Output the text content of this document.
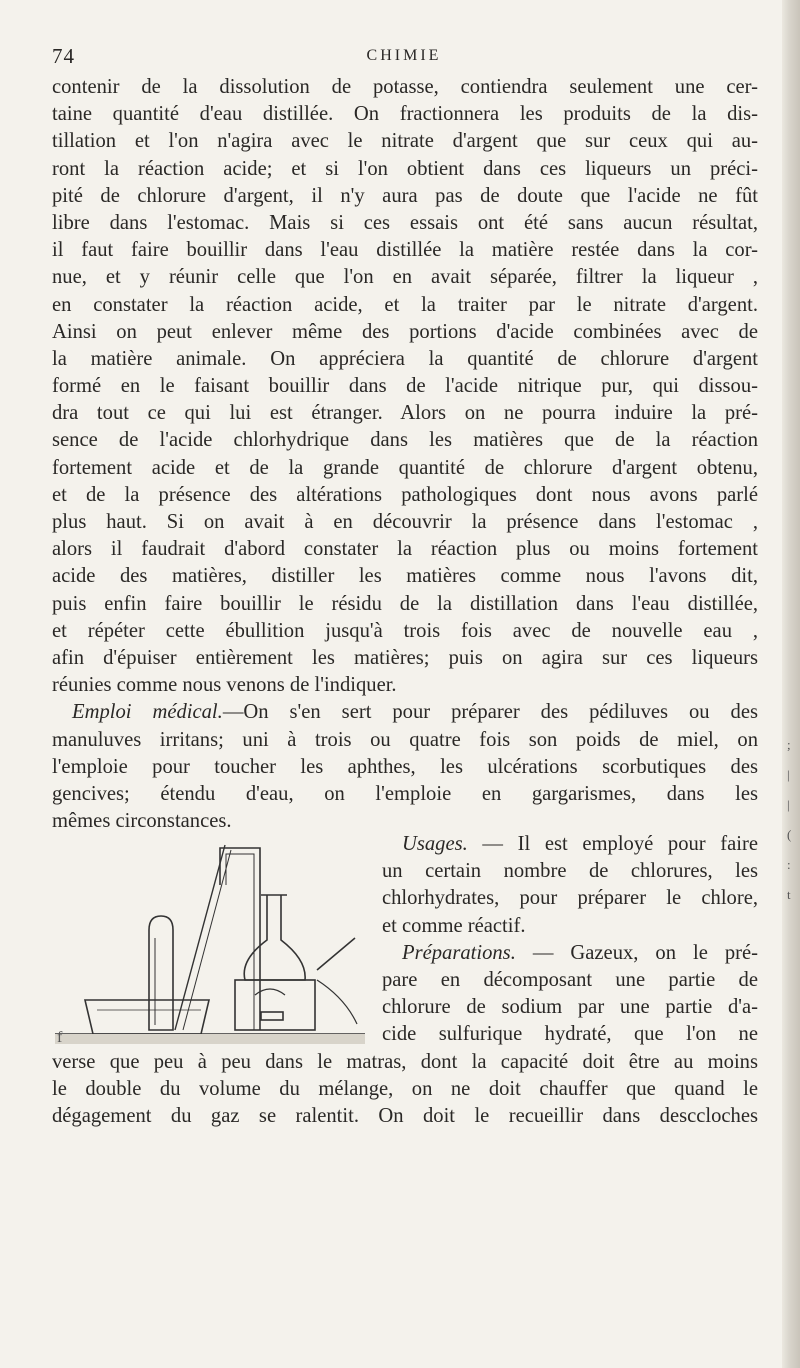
;
|
|
(
:
t
74	CHIMIE
contenir de la dissolution de potasse, contiendra seulement une cer-
taine quantité d'eau distillée. On fractionnera les produits de la dis-
tillation et l'on n'agira avec le nitrate d'argent que sur ceux qui au-
ront la réaction acide; et si l'on obtient dans ces liqueurs un préci-
pité de chlorure d'argent, il n'y aura pas de doute que l'acide ne fût
libre dans l'estomac. Mais si ces essais ont été sans aucun résultat,
il faut faire bouillir dans l'eau distillée la matière restée dans la cor-
nue, et y réunir celle que l'on en avait séparée, filtrer la liqueur ,
en constater la réaction acide, et la traiter par le nitrate d'argent.
Ainsi on peut enlever même des portions d'acide combinées avec de
la matière animale. On appréciera la quantité de chlorure d'argent
formé en le faisant bouillir dans de l'acide nitrique pur, qui dissou-
dra tout ce qui lui est étranger. Alors on ne pourra induire la pré-
sence de l'acide chlorhydrique dans les matières que de la réaction
fortement acide et de la grande quantité de chlorure d'argent obtenu,
et de la présence des altérations pathologiques dont nous avons parlé
plus haut. Si on avait à en découvrir la présence dans l'estomac ,
alors il faudrait d'abord constater la réaction plus ou moins fortement
acide des matières, distiller les matières comme nous l'avons dit,
puis enfin faire bouillir le résidu de la distillation dans l'eau distillée,
et répéter cette ébullition jusqu'à trois fois avec de nouvelle eau ,
afin d'épuiser entièrement les matières; puis on agira sur ces liqueurs
réunies comme nous venons de l'indiquer.
Emploi médical.—On s'en sert pour préparer des pédiluves ou des
manuluves irritans; uni à trois ou quatre fois son poids de miel, on
l'emploie pour toucher les aphthes, les ulcérations scorbutiques des
gencives; étendu d'eau, on l'emploie en gargarismes, dans les
mêmes circonstances.
f
Usages. — Il est employé pour faire
un certain nombre de chlorures, les
chlorhydrates, pour préparer le chlore,
et comme réactif.
Préparations. — Gazeux, on le pré-
pare en décomposant une partie de
chlorure de sodium par une partie d'a-
cide sulfurique hydraté, que l'on ne
verse que peu à peu dans le matras, dont la capacité doit être au moins
le double du volume du mélange, on ne doit chauffer que quand le
dégagement du gaz se ralentit. On doit le recueillir dans desccloches
